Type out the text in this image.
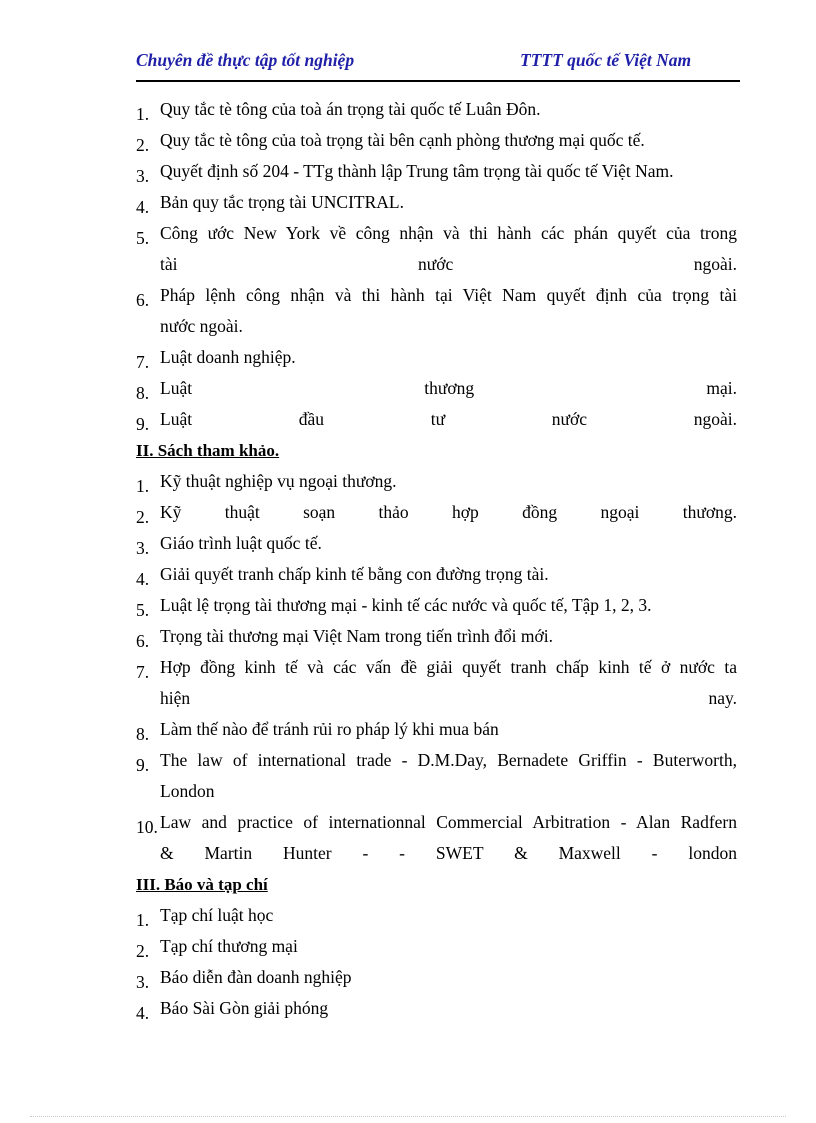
Chuyên đề thực tập tốt nghiệp	TTTT quốc tế Việt Nam
1. Quy tắc tè tông của toà án trọng tài quốc tế Luân Đôn.
2. Quy tắc tè tông của toà trọng tài bên cạnh phòng thương mại quốc tế.
3. Quyết định số 204 - TTg thành lập Trung tâm trọng tài quốc tế Việt Nam.
4. Bản quy tắc trọng tài UNCITRAL.
5. Công ước New York về công nhận và thi hành các phán quyết của trong
tài nước ngoài.
6. Pháp lệnh công nhận và thi hành tại Việt Nam quyết định của trọng tài
nước ngoài.
7. Luật doanh nghiệp.
8. Luật thương mại.
9. Luật đầu tư nước ngoài.
II. Sách tham khảo.
1. Kỹ thuật nghiệp vụ ngoại thương.
2. Kỹ thuật soạn thảo hợp đồng ngoại thương.
3. Giáo trình luật quốc tế.
4. Giải quyết tranh chấp kinh tế bằng con đường trọng tài.
5. Luật lệ trọng tài thương mại - kinh tế các nước và quốc tế, Tập 1, 2, 3.
6. Trọng tài thương mại Việt Nam trong tiến trình đổi mới.
7. Hợp đồng kinh tế và các vấn đề giải quyết tranh chấp kinh tế ở nước ta
hiện nay.
8. Làm thế nào để tránh rủi ro pháp lý khi mua bán
9. The law of international trade - D.M.Day, Bernadete Griffin - Buterworth,
London
10. Law and practice of internationnal Commercial Arbitration - Alan Radfern
& Martin Hunter - - SWET & Maxwell - london
III. Báo và tạp chí
1. Tạp chí luật học
2. Tạp chí thương mại
3. Báo diễn đàn doanh nghiệp
4. Báo Sài Gòn giải phóng
